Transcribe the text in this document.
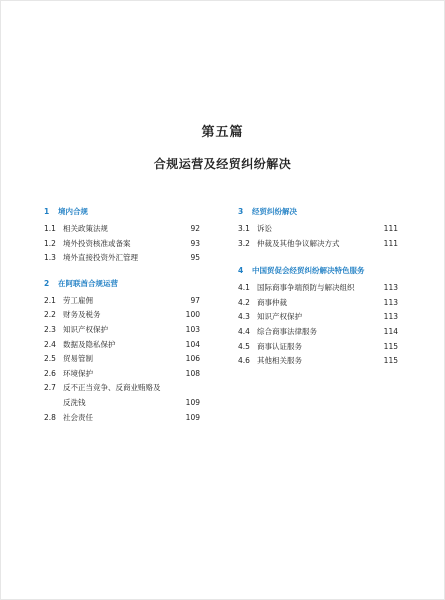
第五篇
合规运营及经贸纠纷解决
1 境内合规
1.1 相关政策法规	92
1.2 境外投资核准或备案	93
1.3 境外直接投资外汇管理	95
2 在阿联酋合规运营
2.1 劳工雇佣	97
2.2 财务及税务	100
2.3 知识产权保护	103
2.4 数据及隐私保护	104
2.5 贸易管制	106
2.6 环境保护	108
2.7 反不正当竞争、反商业贿赂及
反洗钱	109
2.8 社会责任	109
3 经贸纠纷解决
3.1 诉讼	111
3.2 仲裁及其他争议解决方式	111
4 中国贸促会经贸纠纷解决特色服务
4.1 国际商事争端预防与解决组织	113
4.2 商事仲裁	113
4.3 知识产权保护	113
4.4 综合商事法律服务	114
4.5 商事认证服务	115
4.6 其他相关服务	115
